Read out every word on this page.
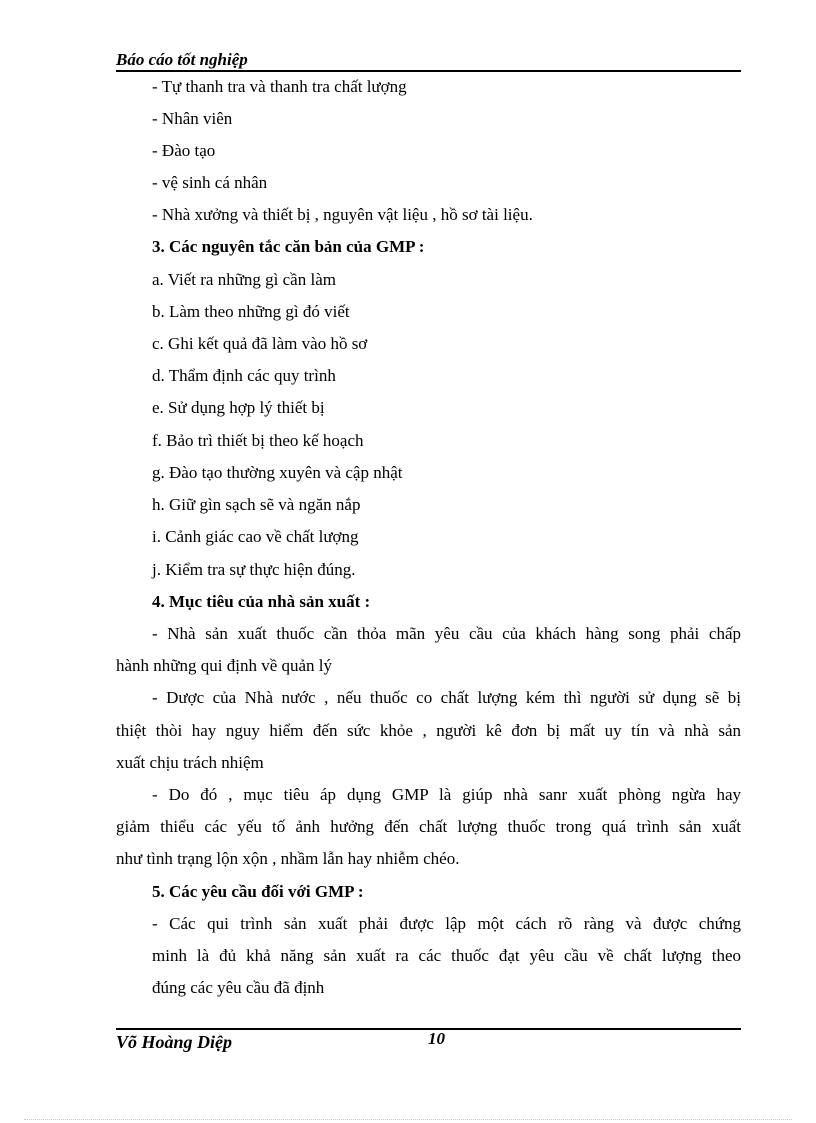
Báo cáo tốt nghiệp
- Tự thanh tra và thanh tra chất lượng
- Nhân viên
- Đào tạo
- vệ sinh cá nhân
- Nhà xưởng và thiết bị , nguyên vật liệu , hồ sơ tài liệu.
3. Các nguyên tắc căn bản của GMP :
a. Viết ra những gì cần làm
b. Làm theo những gì đó viết
c. Ghi kết quả đã làm vào hồ sơ
d. Thẩm định các quy trình
e. Sử dụng hợp lý thiết bị
f. Bảo trì thiết bị theo kế hoạch
g. Đào tạo thường xuyên và cập nhật
h. Giữ gìn sạch sẽ và ngăn nắp
i. Cảnh giác cao về chất lượng
j. Kiểm tra sự thực hiện đúng.
4. Mục tiêu của nhà sản xuất :
- Nhà sản xuất thuốc cần thỏa mãn yêu cầu của khách hàng song phải chấp
hành những qui định về quản lý
- Dược của Nhà nước , nếu thuốc co chất lượng kém thì người sử dụng sẽ bị
thiệt thòi hay nguy hiểm đến sức khỏe , người kê đơn bị mất uy tín và nhà sản
xuất chịu trách nhiệm
- Do đó , mục tiêu áp dụng GMP là giúp nhà sanr xuất phòng ngừa hay
giảm thiểu các yếu tố ảnh hưởng đến chất lượng thuốc trong quá trình sản xuất
như tình trạng lộn xộn , nhầm lẫn hay nhiễm chéo.
5. Các yêu cầu đối với GMP :
- Các qui trình sản xuất phải được lập một cách rõ ràng và được chứng
minh là đủ khả năng sản xuất ra các thuốc đạt yêu cầu về chất lượng theo
đúng các yêu cầu đã định
Võ Hoàng Diệp	10
